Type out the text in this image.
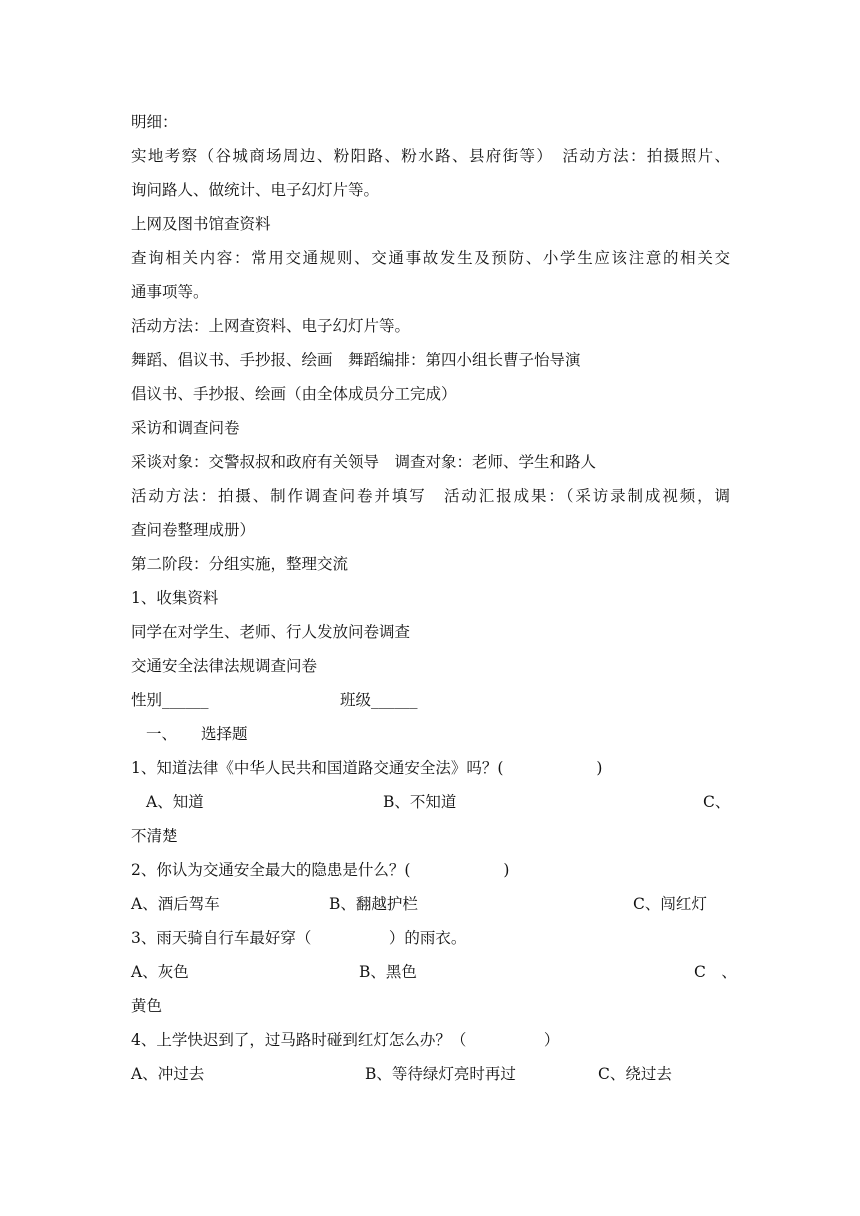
明细：
实地考察（谷城商场周边、粉阳路、粉水路、县府街等）　活动方法：拍摄照片、
询问路人、做统计、电子幻灯片等。
上网及图书馆查资料
查询相关内容：常用交通规则、交通事故发生及预防、小学生应该注意的相关交
通事项等。
活动方法：上网查资料、电子幻灯片等。
舞蹈、倡议书、手抄报、绘画　舞蹈编排：第四小组长曹子怡导演
倡议书、手抄报、绘画（由全体成员分工完成）
采访和调查问卷
采谈对象：交警叔叔和政府有关领导　调查对象：老师、学生和路人
活动方法：拍摄、制作调查问卷并填写　活动汇报成果：（采访录制成视频，调
查问卷整理成册）
第二阶段：分组实施，整理交流
1、收集资料
同学在对学生、老师、行人发放问卷调查
交通安全法律法规调查问卷
性别______	班级______
一、 选择题
1、知道法律《中华人民共和国道路交通安全法》吗？(　　　　　　)
A、知道	B、不知道	C、
不清楚
2、你认为交通安全最大的隐患是什么？(　　　　　　)
A、酒后驾车	B、翻越护栏	C、闯红灯
3、雨天骑自行车最好穿（　　　　　）的雨衣。
A、灰色	B、黑色	C　、
黄色
4、上学快迟到了，过马路时碰到红灯怎么办？（　　　　　）
A、冲过去	B、等待绿灯亮时再过	C、绕过去
